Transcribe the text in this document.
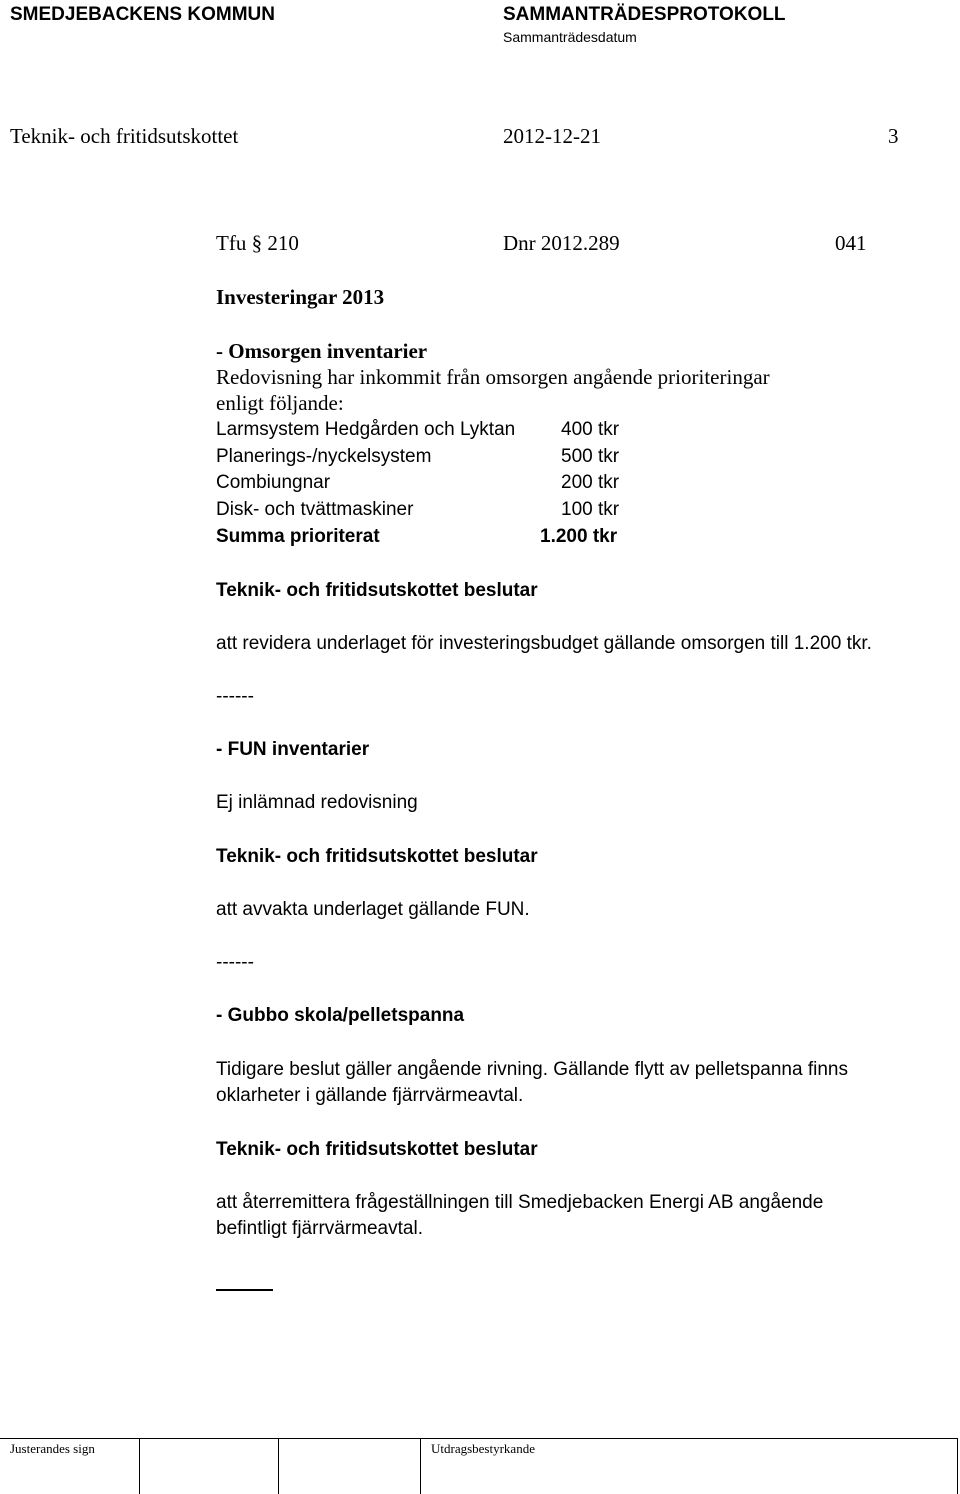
SMEDJEBACKENS KOMMUN	SAMMANTRÄDESPROTOKOLL
Sammanträdesdatum
Teknik- och fritidsutskottet	2012-12-21	3
Tfu § 210	Dnr 2012.289	041
Investeringar 2013
- Omsorgen inventarier
Redovisning har inkommit från omsorgen angående prioriteringar
enligt följande:
Larmsystem Hedgården och Lyktan 400 tkr
Planerings-/nyckelsystem	500 tkr
Combiungnar	200 tkr
Disk- och tvättmaskiner	100 tkr
Summa prioriterat	1.200 tkr
Teknik- och fritidsutskottet beslutar
att revidera underlaget för investeringsbudget gällande omsorgen till 1.200 tkr.
------
- FUN inventarier
Ej inlämnad redovisning
Teknik- och fritidsutskottet beslutar
att avvakta underlaget gällande FUN.
------
- Gubbo skola/pelletspanna
Tidigare beslut gäller angående rivning. Gällande flytt av pelletspanna finns
oklarheter i gällande fjärrvärmeavtal.
Teknik- och fritidsutskottet beslutar
att återremittera frågeställningen till Smedjebacken Energi AB angående
befintligt fjärrvärmeavtal.
Justerandes sign	Utdragsbestyrkande
